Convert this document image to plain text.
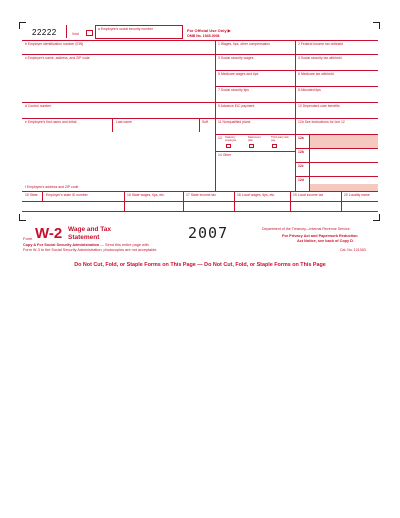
22222	Void
a Employee's social security number	For Official Use Only ▶
OMB No. 1545-0008
b Employer identification number (EIN)
c Employer's name, address, and ZIP code
d Control number
e Employee's first name and initial	Last name	Suff.
f Employee's address and ZIP code
1 Wages, tips, other compensation	2 Federal income tax withheld
3 Social security wages	4 Social security tax withheld
5 Medicare wages and tips	6 Medicare tax withheld
7 Social security tips	8 Allocated tips
9 Advance EIC payment	10 Dependent care benefits
11 Nonqualified plans	12a See instructions for box 12
13 Statutory employee
Retirement plan
Third-party sick pay
14 Other
12a
12b
12c
12d
15 State Employer's state ID number	16 State wages, tips, etc.	17 State income tax	18 Local wages, tips, etc.	19 Local income tax	20 Locality name
Form W-2 Wage and Tax
Statement	2007	Department of the Treasury—Internal Revenue Service
For Privacy Act and Paperwork Reduction
Act Notice, see back of Copy D.
Cat. No. 10134D
Copy A For Social Security Administration — Send this entire page with
Form W-3 to the Social Security Administration; photocopies are not acceptable.
Do Not Cut, Fold, or Staple Forms on This Page — Do Not Cut, Fold, or Staple Forms on This Page
